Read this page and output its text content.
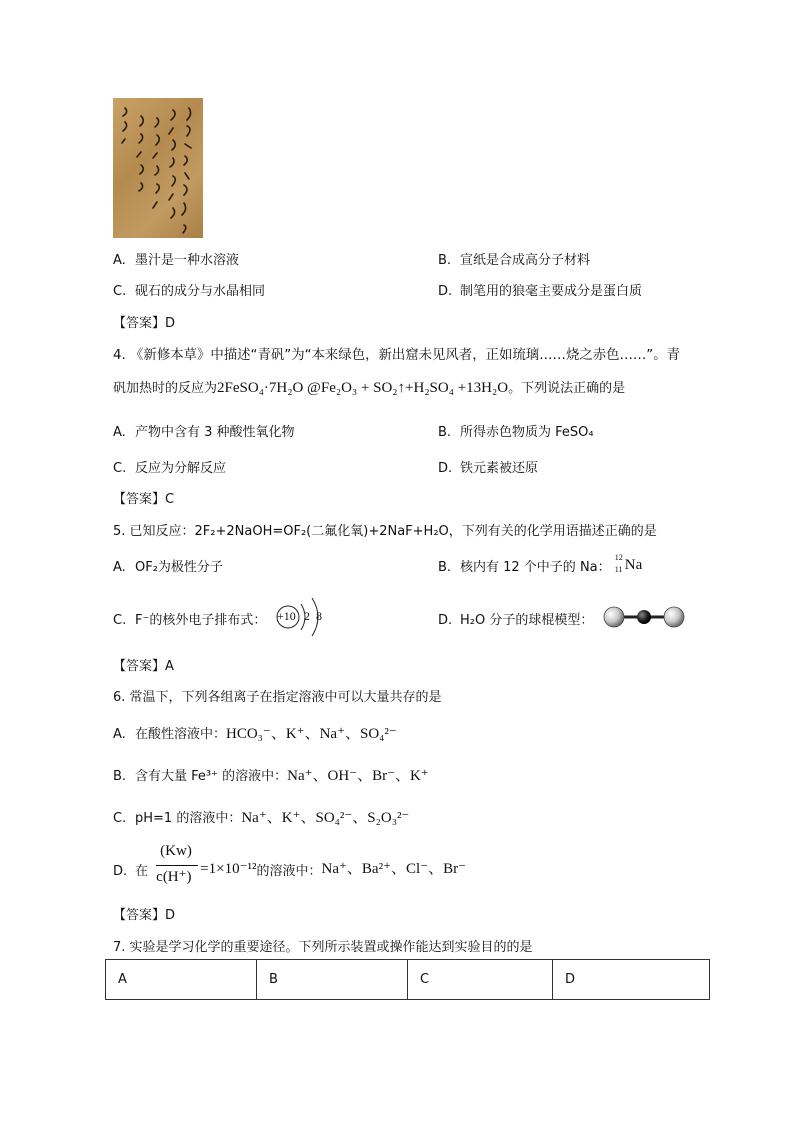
A. 墨汁是一种水溶液	B. 宣纸是合成高分子材料
C. 砚石的成分与水晶相同	D. 制笔用的狼毫主要成分是蛋白质
【答案】D
4. 《新修本草》中描述“青矾”为“本来绿色，新出窟未见风者，正如琉璃……烧之赤色……”。青
矾加热时的反应为2FeSO₄·7H₂O @Fe₂O₃ + SO₂↑+H₂SO₄ +13H₂O。下列说法正确的是
A. 产物中含有 3 种酸性氧化物	B. 所得赤色物质为 FeSO₄
C. 反应为分解反应	D. 铁元素被还原
【答案】C
5. 已知反应：2F₂+2NaOH=OF₂(二氟化氧)+2NaF+H₂O，下列有关的化学用语描述正确的是
A. OF₂为极性分子	B. 核内有 12 个中子的 Na：
12
11 Na
C. F⁻的核外电子排布式： +10 2 8	D. H₂O 分子的球棍模型：
【答案】A
6. 常温下，下列各组离子在指定溶液中可以大量共存的是
A. 在酸性溶液中：HCO₃⁻、K⁺、Na⁺、SO₄²⁻
B. 含有大量 Fe³⁺ 的溶液中：Na⁺、OH⁻、Br⁻、K⁺
C. pH=1 的溶液中：Na⁺、K⁺、SO₄²⁻、S₂O₃²⁻
D. 在 $\frac{(Kw)}{c(H^+)} =1\times 10^{-12}$的溶液中：Na⁺、Ba²⁺、Cl⁻、Br⁻
【答案】D
7. 实验是学习化学的重要途径。下列所示装置或操作能达到实验目的的是
A	B	C	D
